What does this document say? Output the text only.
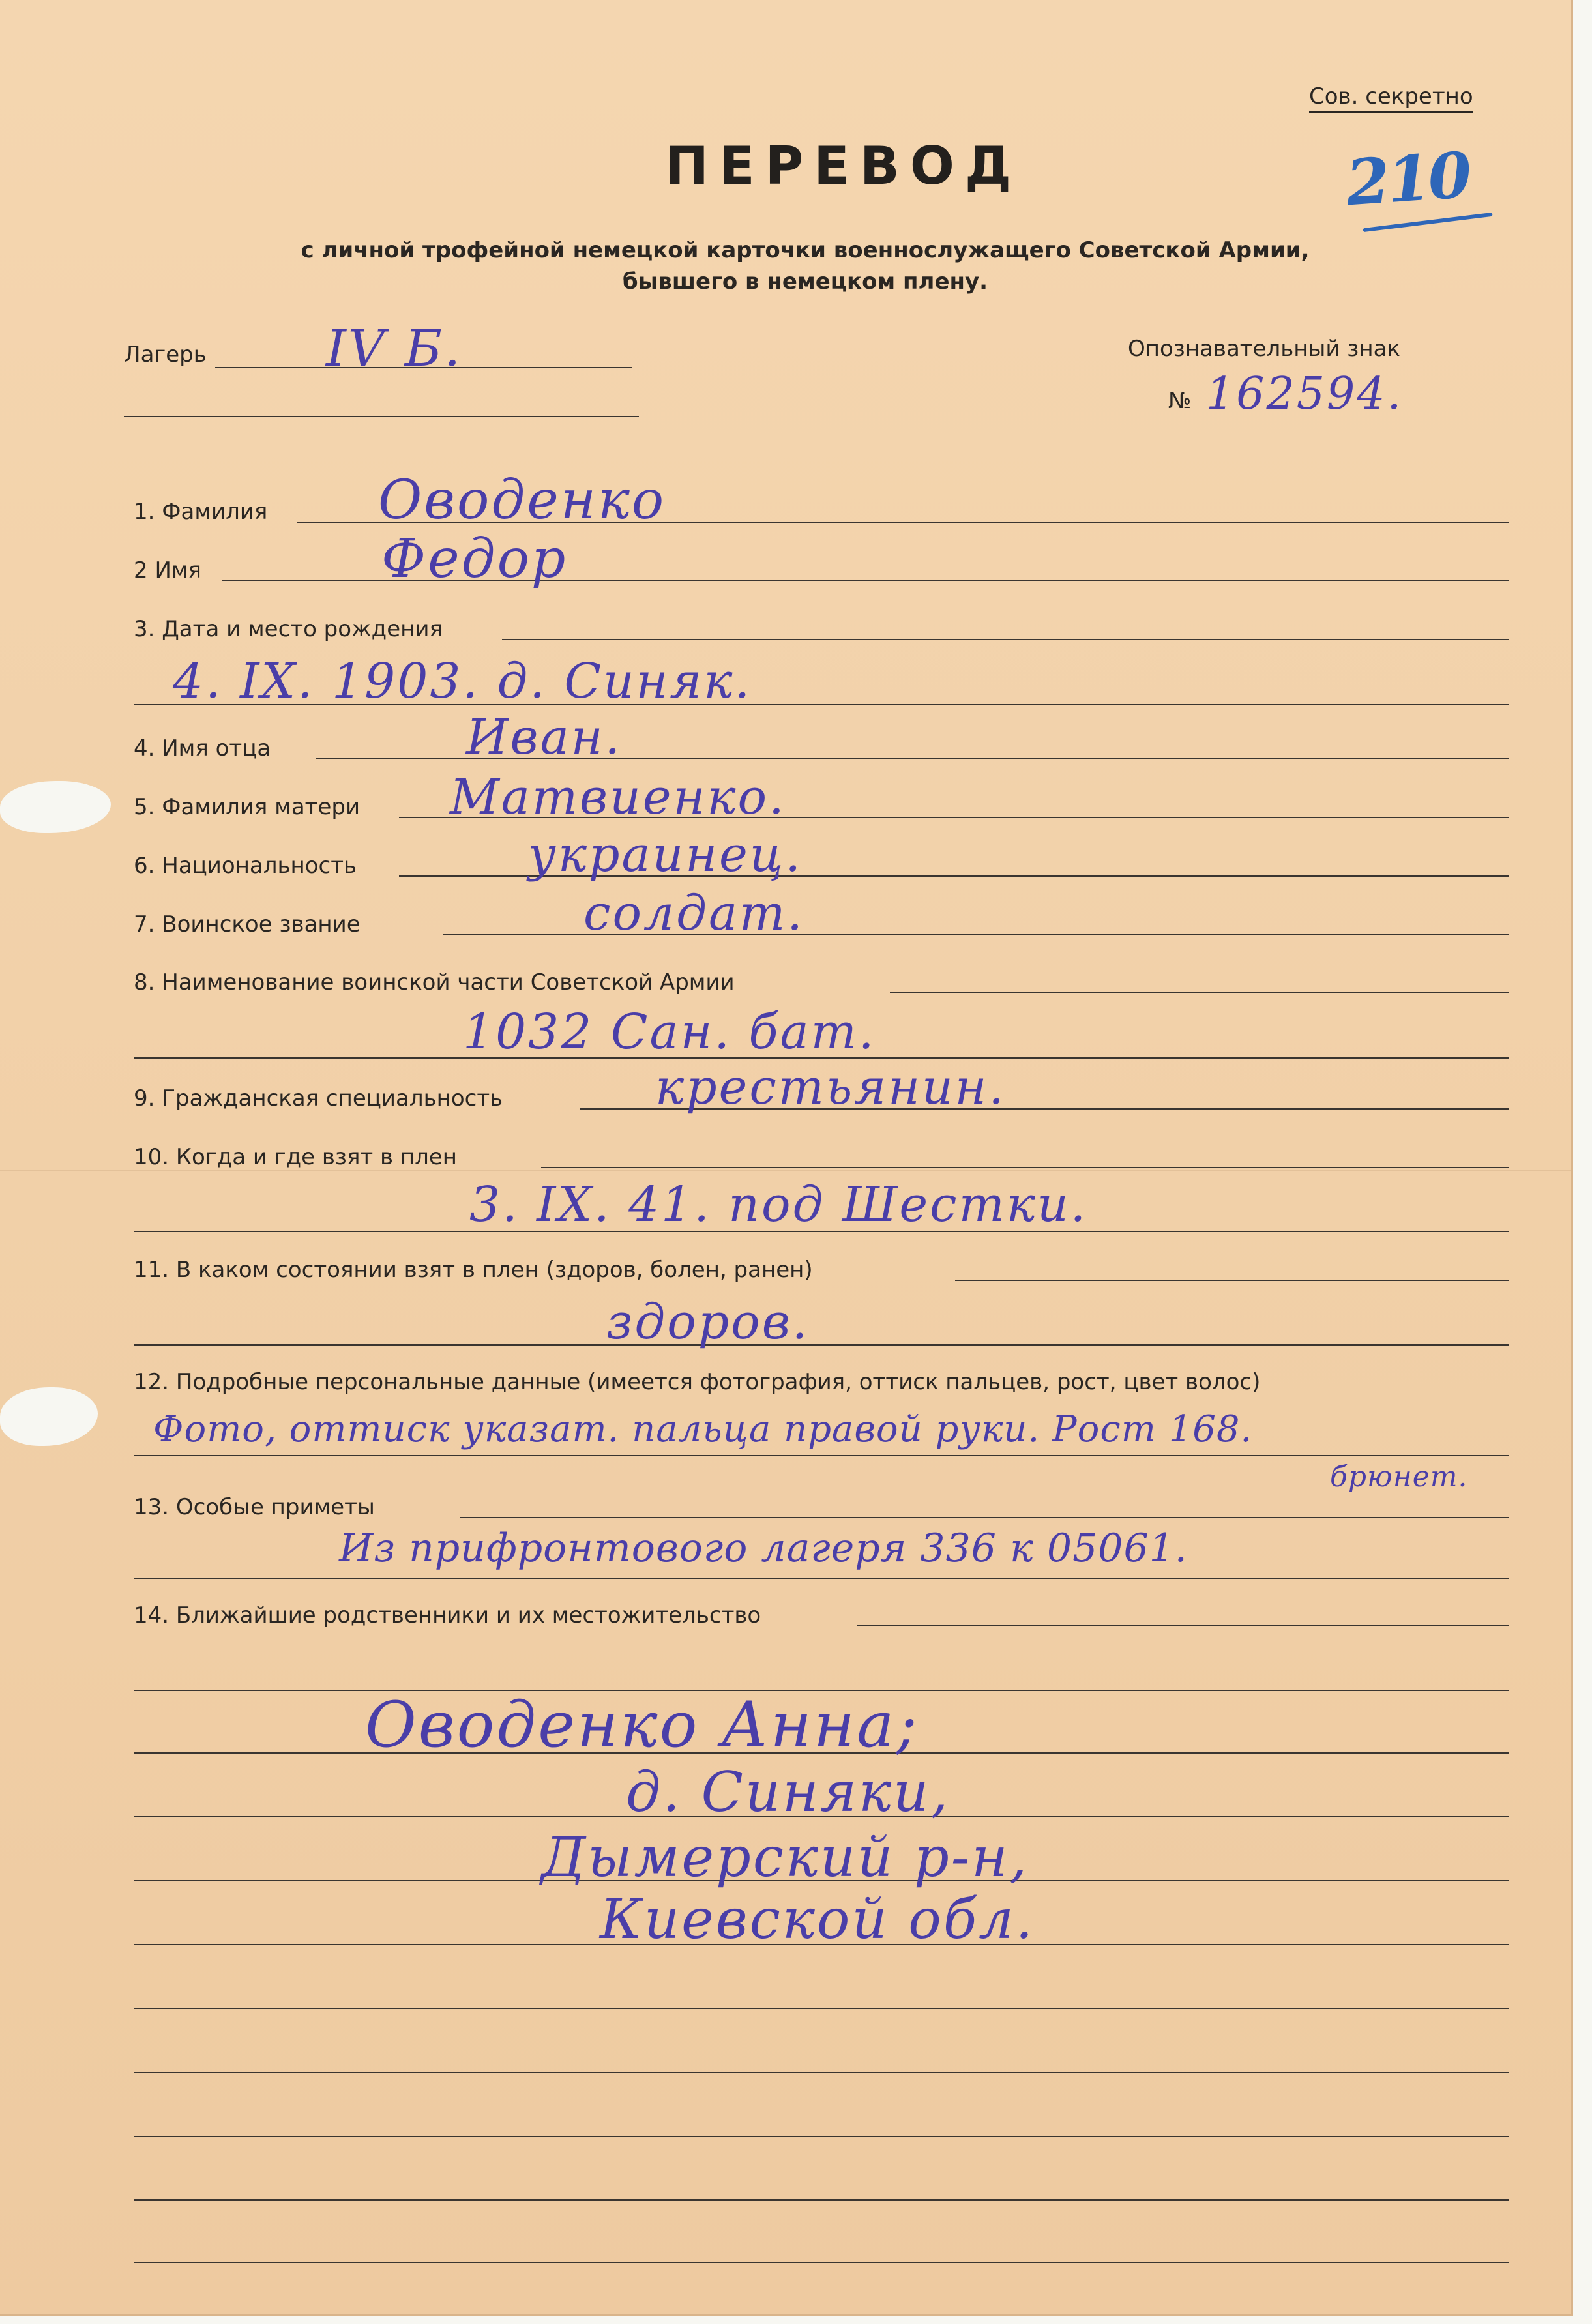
Сов. секретно
210
ПЕРЕВОД
с личной трофейной немецкой карточки военнослужащего Советской Армии,
бывшего в немецком плену.
Лагерь IV Б.	Опознавательный знак
№ 162594.
1. Фамилия Оводенко
2 Имя	Федор
3. Дата и место рождения
4. IX. 1903. д. Синяк.
4. Имя отца	Иван.
5. Фамилия матери Матвиенко.
6. Национальность	украинец.
7. Воинское звание	солдат.
8. Наименование воинской части Советской Армии
1032 Сан. бат.
9. Гражданская специальность	крестьянин.
10. Когда и где взят в плен
3. IX. 41. под Шестки.
11. В каком состоянии взят в плен (здоров, болен, ранен)
здоров.
12. Подробные персональные данные (имеется фотография, оттиск пальцев, рост, цвет волос)
Фото, оттиск указат. пальца правой руки. Рост 168.
брюнет.
13. Особые приметы
Из прифронтового лагеря 336 к 05061.
14. Ближайшие родственники и их местожительство
Оводенко Анна;
д. Синяки,
Дымерский р-н,
Киевской обл.
